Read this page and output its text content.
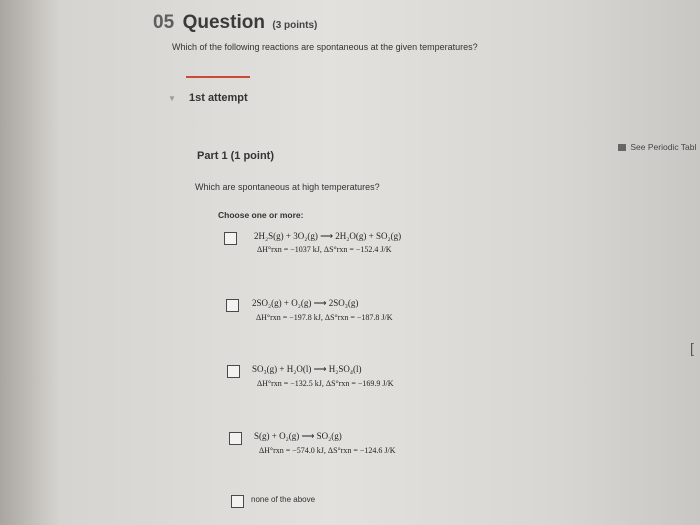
05 Question (3 points)
Which of the following reactions are spontaneous at the given temperatures?
▼ 1st attempt
See Periodic Tabl
Part 1 (1 point)
Which are spontaneous at high temperatures?
Choose one or more:
2H₂S(g) + 3O₂(g) ⟶ 2H₂O(g) + SO₂(g)
ΔH°rxn = −1037 kJ, ΔS°rxn = −152.4 J/K
2SO₂(g) + O₂(g) ⟶ 2SO₃(g)
ΔH°rxn = −197.8 kJ, ΔS°rxn = −187.8 J/K
SO₃(g) + H₂O(l) ⟶ H₂SO₄(l)
ΔH°rxn = −132.5 kJ, ΔS°rxn = −169.9 J/K
S(g) + O₂(g) ⟶ SO₂(g)
ΔH°rxn = −574.0 kJ, ΔS°rxn = −124.6 J/K
none of the above
[
